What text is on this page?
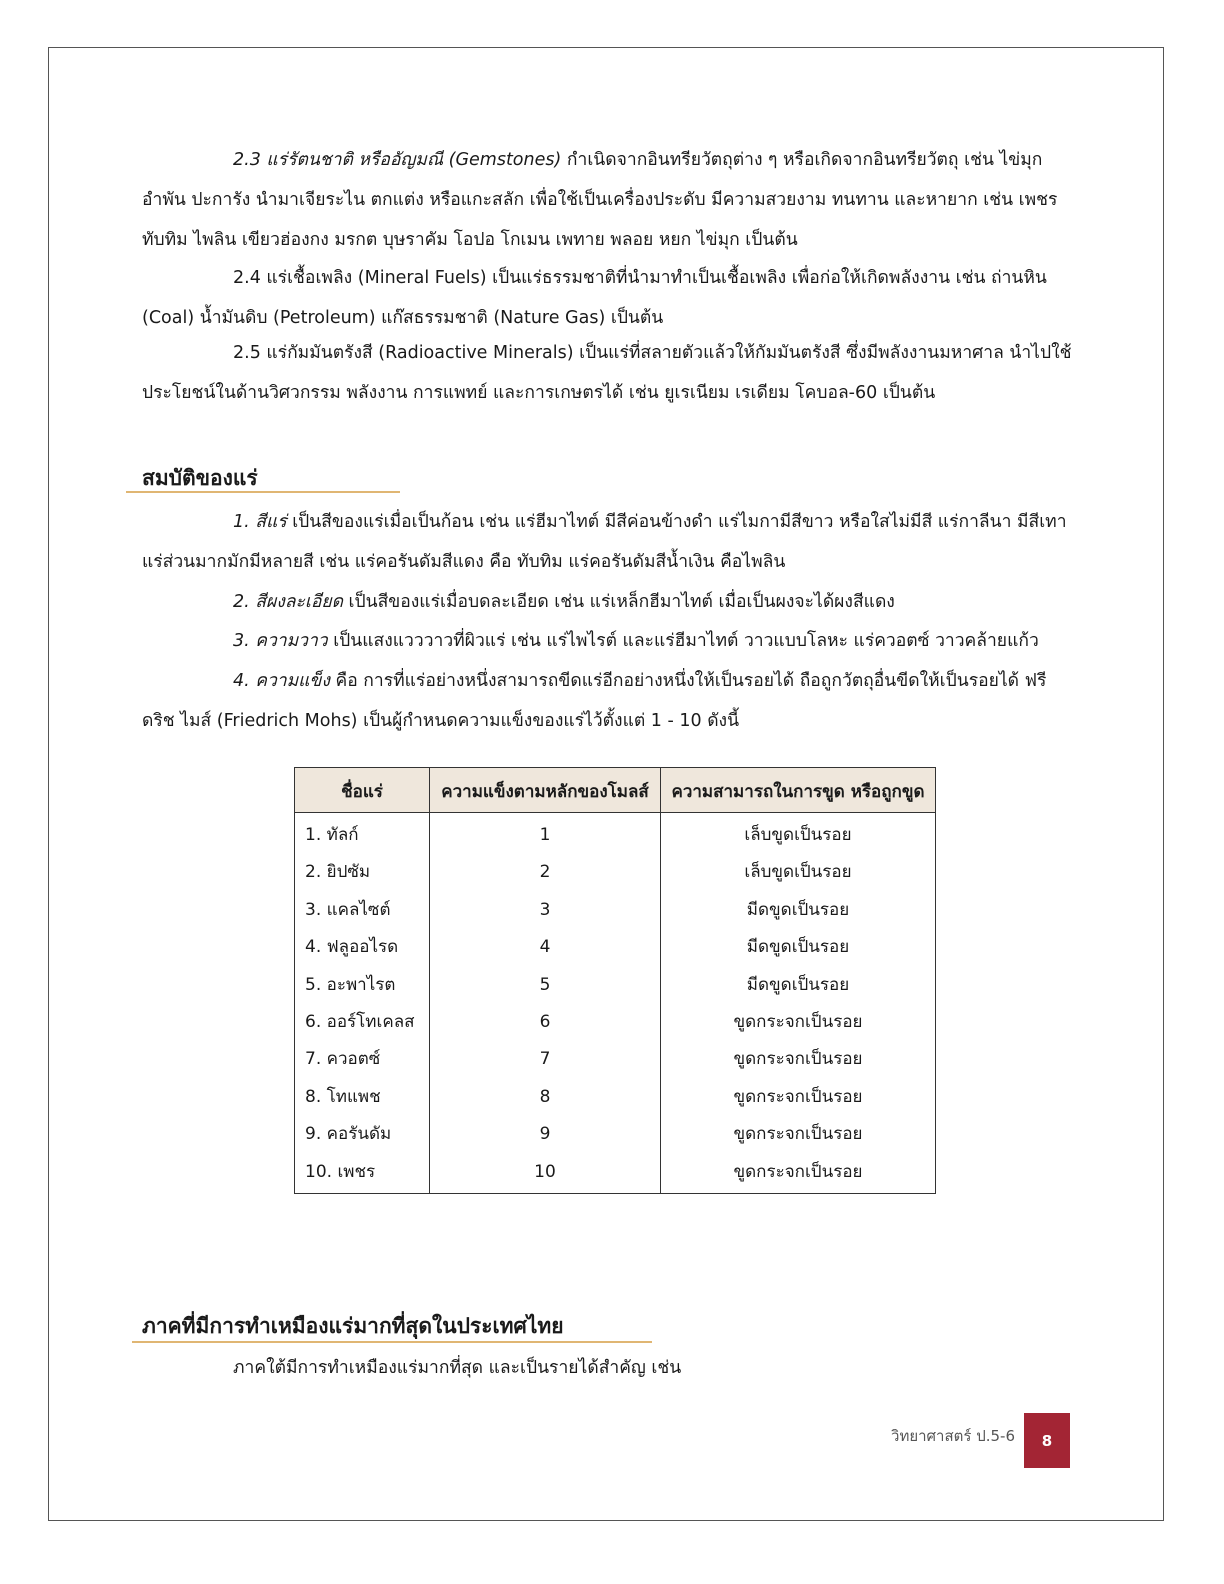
2.3 แร่รัตนชาติ หรืออัญมณี (Gemstones) กำเนิดจากอินทรียวัตถุต่าง ๆ หรือเกิดจากอินทรียวัตถุ เช่น ไข่มุก อำพัน ปะการัง นำมาเจียระไน ตกแต่ง หรือแกะสลัก เพื่อใช้เป็นเครื่องประดับ มีความสวยงาม ทนทาน และหายาก เช่น เพชร ทับทิม ไพลิน เขียวฮ่องกง มรกต บุษราคัม โอปอ โกเมน เพทาย พลอย หยก ไข่มุก เป็นต้น

2.4 แร่เชื้อเพลิง (Mineral Fuels) เป็นแร่ธรรมชาติที่นำมาทำเป็นเชื้อเพลิง เพื่อก่อให้เกิดพลังงาน เช่น ถ่านหิน (Coal) น้ำมันดิบ (Petroleum) แก๊สธรรมชาติ (Nature Gas) เป็นต้น

2.5 แร่กัมมันตรังสี (Radioactive Minerals) เป็นแร่ที่สลายตัวแล้วให้กัมมันตรังสี ซึ่งมีพลังงานมหาศาล นำไปใช้ประโยชน์ในด้านวิศวกรรม พลังงาน การแพทย์ และการเกษตรได้ เช่น ยูเรเนียม เรเดียม โคบอล-60 เป็นต้น

สมบัติของแร่

1. สีแร่ เป็นสีของแร่เมื่อเป็นก้อน เช่น แร่ฮีมาไทต์ มีสีค่อนข้างดำ แร่ไมกามีสีขาว หรือใสไม่มีสี แร่กาลีนา มีสีเทา แร่ส่วนมากมักมีหลายสี เช่น แร่คอรันดัมสีแดง คือ ทับทิม แร่คอรันดัมสีน้ำเงิน คือไพลิน

2. สีผงละเอียด เป็นสีของแร่เมื่อบดละเอียด เช่น แร่เหล็กฮีมาไทต์ เมื่อเป็นผงจะได้ผงสีแดง

3. ความวาว เป็นแสงแวววาวที่ผิวแร่ เช่น แร่ไพไรต์ และแร่ฮีมาไทต์ วาวแบบโลหะ แร่ควอตซ์ วาวคล้ายแก้ว

4. ความแข็ง คือ การที่แร่อย่างหนึ่งสามารถขีดแร่อีกอย่างหนึ่งให้เป็นรอยได้ ถือถูกวัตถุอื่นขีดให้เป็นรอยได้ ฟรีดริช ไมส์ (Friedrich Mohs) เป็นผู้กำหนดความแข็งของแร่ไว้ตั้งแต่ 1 - 10 ดังนี้

ชื่อแร่	ความแข็งตามหลักของโมลส์	ความสามารถในการขูด หรือถูกขูด
1. ทัลก์	1	เล็บขูดเป็นรอย
2. ยิปซัม	2	เล็บขูดเป็นรอย
3. แคลไซต์	3	มีดขูดเป็นรอย
4. ฟลูออไรด	4	มีดขูดเป็นรอย
5. อะพาไรต	5	มีดขูดเป็นรอย
6. ออร์โทเคลส	6	ขูดกระจกเป็นรอย
7. ควอตซ์	7	ขูดกระจกเป็นรอย
8. โทแพช	8	ขูดกระจกเป็นรอย
9. คอรันดัม	9	ขูดกระจกเป็นรอย
10. เพชร	10	ขูดกระจกเป็นรอย
ภาคที่มีการทำเหมืองแร่มากที่สุดในประเทศไทย

ภาคใต้มีการทำเหมืองแร่มากที่สุด และเป็นรายได้สำคัญ เช่น

วิทยาศาสตร์ ป.5-6	8
